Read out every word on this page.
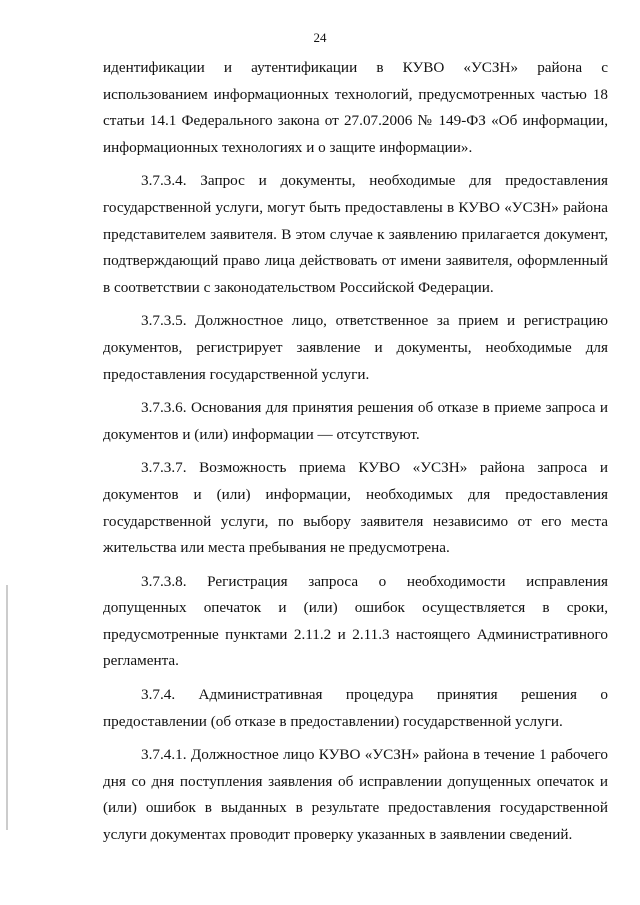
24

идентификации и аутентификации в КУВО «УСЗН» района с использованием информационных технологий, предусмотренных частью 18 статьи 14.1 Федерального закона от 27.07.2006 № 149-ФЗ «Об информации, информационных технологиях и о защите информации».

3.7.3.4. Запрос и документы, необходимые для предоставления государственной услуги, могут быть предоставлены в КУВО «УСЗН» района представителем заявителя. В этом случае к заявлению прилагается документ, подтверждающий право лица действовать от имени заявителя, оформленный в соответствии с законодательством Российской Федерации.

3.7.3.5. Должностное лицо, ответственное за прием и регистрацию документов, регистрирует заявление и документы, необходимые для предоставления государственной услуги.

3.7.3.6. Основания для принятия решения об отказе в приеме запроса и документов и (или) информации — отсутствуют.

3.7.3.7. Возможность приема КУВО «УСЗН» района запроса и документов и (или) информации, необходимых для предоставления государственной услуги, по выбору заявителя независимо от его места жительства или места пребывания не предусмотрена.

3.7.3.8. Регистрация запроса о необходимости исправления допущенных опечаток и (или) ошибок осуществляется в сроки, предусмотренные пунктами 2.11.2 и 2.11.3 настоящего Административного регламента.

3.7.4. Административная процедура принятия решения о предоставлении (об отказе в предоставлении) государственной услуги.

3.7.4.1. Должностное лицо КУВО «УСЗН» района в течение 1 рабочего дня со дня поступления заявления об исправлении допущенных опечаток и (или) ошибок в выданных в результате предоставления государственной услуги документах проводит проверку указанных в заявлении сведений.
